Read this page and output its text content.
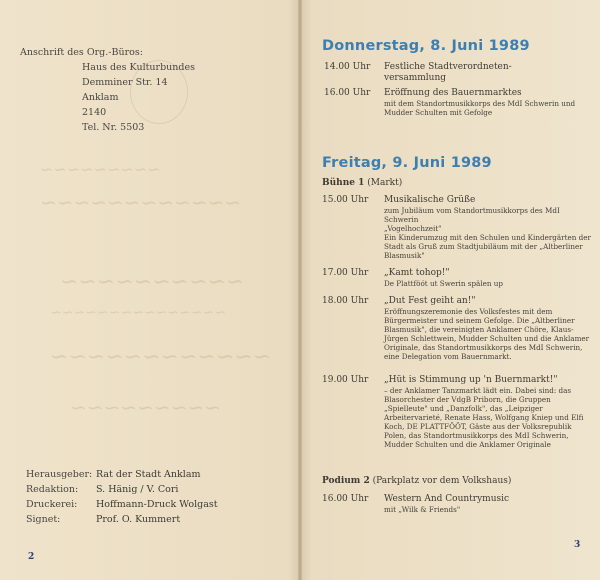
~~~~~~~~~
~~~~~~~~~~~~
~~~~~~~~~~
~~~~~~~~~~~~~~~
~~~~~~~~~~~~
~~~~~~~~~
Anschrift des Org.-Büros:
Haus des Kulturbundes
Demminer Str. 14
Anklam
2140
Tel. Nr. 5503
Herausgeber: Rat der Stadt Anklam
Redaktion:	S. Hänig / V. Cori
Druckerei:	Hoffmann-Druck Wolgast
Signet:	Prof. O. Kummert
2
Donnerstag, 8. Juni 1989
14.00 Uhr	Festliche Stadtverordneten-
versammlung
16.00 Uhr	Eröffnung des Bauernmarktes
mit dem Standortmusikkorps des MdI Schwerin und Mudder Schulten mit Gefolge
Freitag, 9. Juni 1989
Bühne 1 (Markt)
15.00 Uhr	Musikalische Grüße
zum Jubiläum vom Standortmusikkorps des MdI Schwerin
„Vogelhochzeit"
Ein Kinderumzug mit den Schulen und Kindergärten der Stadt als Gruß zum Stadtjubiläum mit der „Altberliner Blasmusik"
17.00 Uhr	„Kamt tohop!"
De Plattföót ut Swerin spälen up
18.00 Uhr	„Dut Fest geiht an!"
Eröffnungszeremonie des Volksfestes mit dem Bürgermeister und seinem Gefolge. Die „Altberliner Blasmusik", die vereinigten Anklamer Chöre, Klaus-Jürgen Schlettwein, Mudder Schulten und die Anklamer Originale, das Standortmusikkorps des MdI Schwerin, eine Delegation vom Bauernmarkt.
19.00 Uhr	„Hüt is Stimmung up 'n Buernmarkt!"
– der Anklamer Tanzmarkt lädt ein. Dabei sind: das Blasorchester der VdgB Priborn, die Gruppen „Spielleute" und „Danzfolk", das „Leipziger Arbeitervarieté, Renate Hass, Wolfgang Kniep und Elfi Koch, DE PLATTFÖÖT, Gäste aus der Volksrepublik Polen, das Standortmusikkorps des MdI Schwerin, Mudder Schulten und die Anklamer Originale
Podium 2 (Parkplatz vor dem Volkshaus)
16.00 Uhr	Western And Countrymusic
mit „Wilk & Friends"
3
